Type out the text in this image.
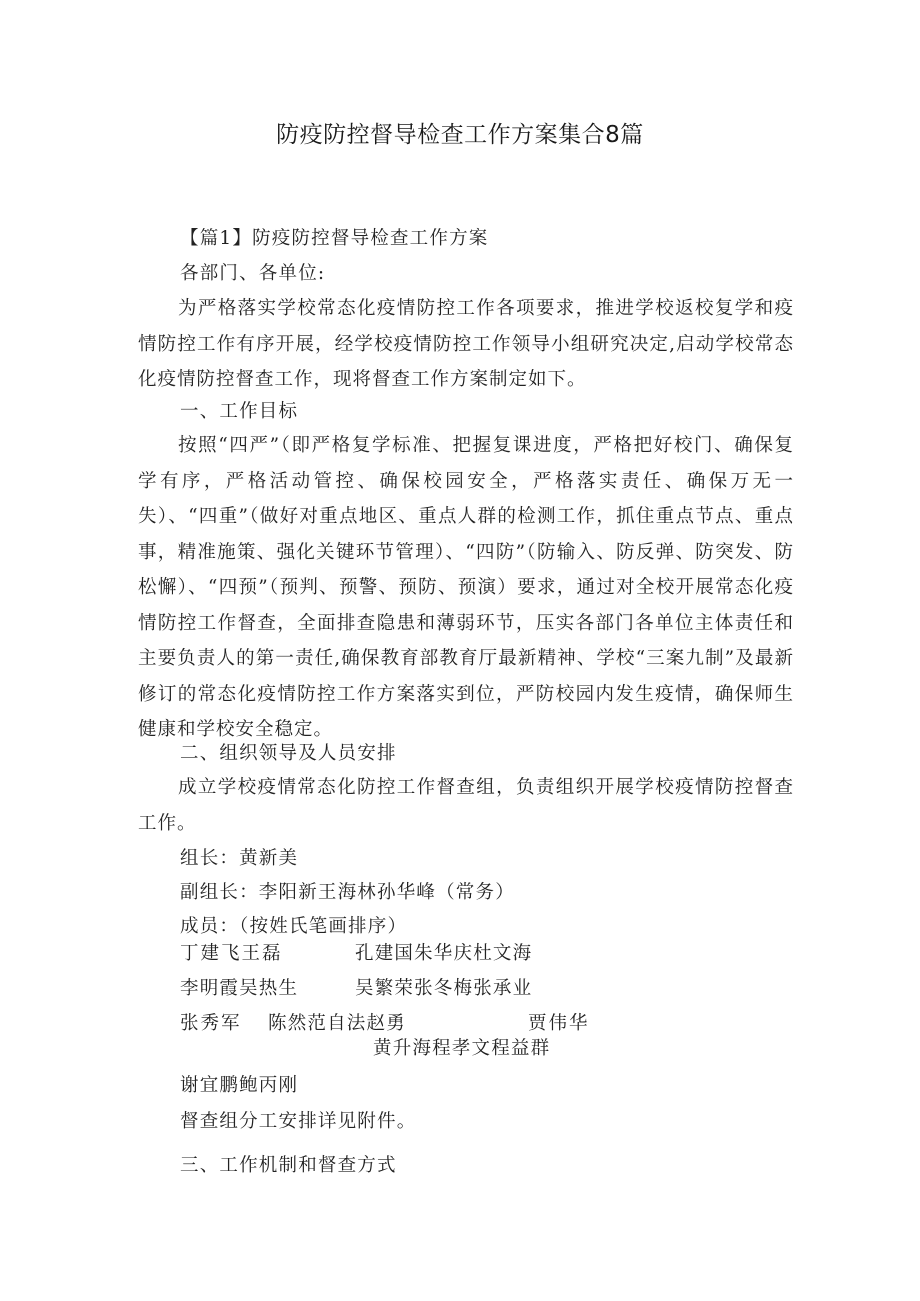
防疫防控督导检查工作方案集合8篇
【篇1】防疫防控督导检查工作方案
各部门、各单位:
为严格落实学校常态化疫情防控工作各项要求，推进学校返校复学和疫情防控工作有序开展，经学校疫情防控工作领导小组研究决定,启动学校常态化疫情防控督查工作，现将督查工作方案制定如下。
一、工作目标
按照“四严”（即严格复学标准、把握复课进度，严格把好校门、确保复学有序，严格活动管控、确保校园安全，严格落实责任、确保万无一失）、“四重”（做好对重点地区、重点人群的检测工作，抓住重点节点、重点事，精准施策、强化关键环节管理）、“四防”（防输入、防反弹、防突发、防松懈）、“四预”（预判、预警、预防、预演）要求，通过对全校开展常态化疫情防控工作督查，全面排查隐患和薄弱环节，压实各部门各单位主体责任和主要负责人的第一责任,确保教育部教育厅最新精神、学校“三案九制”及最新修订的常态化疫情防控工作方案落实到位，严防校园内发生疫情，确保师生健康和学校安全稳定。
二、组织领导及人员安排
成立学校疫情常态化防控工作督查组，负责组织开展学校疫情防控督查工作。
组长：黄新美
副组长：李阳新王海林孙华峰（常务）
成员：（按姓氏笔画排序）
丁建飞王磊	孔建国朱华庆杜文海
李明霞吴热生	吴繁荣张冬梅张承业
张秀军 陈然范自法赵勇	贾伟华
黄升海程孝文程益群
谢宜鹏鲍丙刚
督查组分工安排详见附件。
三、工作机制和督查方式
